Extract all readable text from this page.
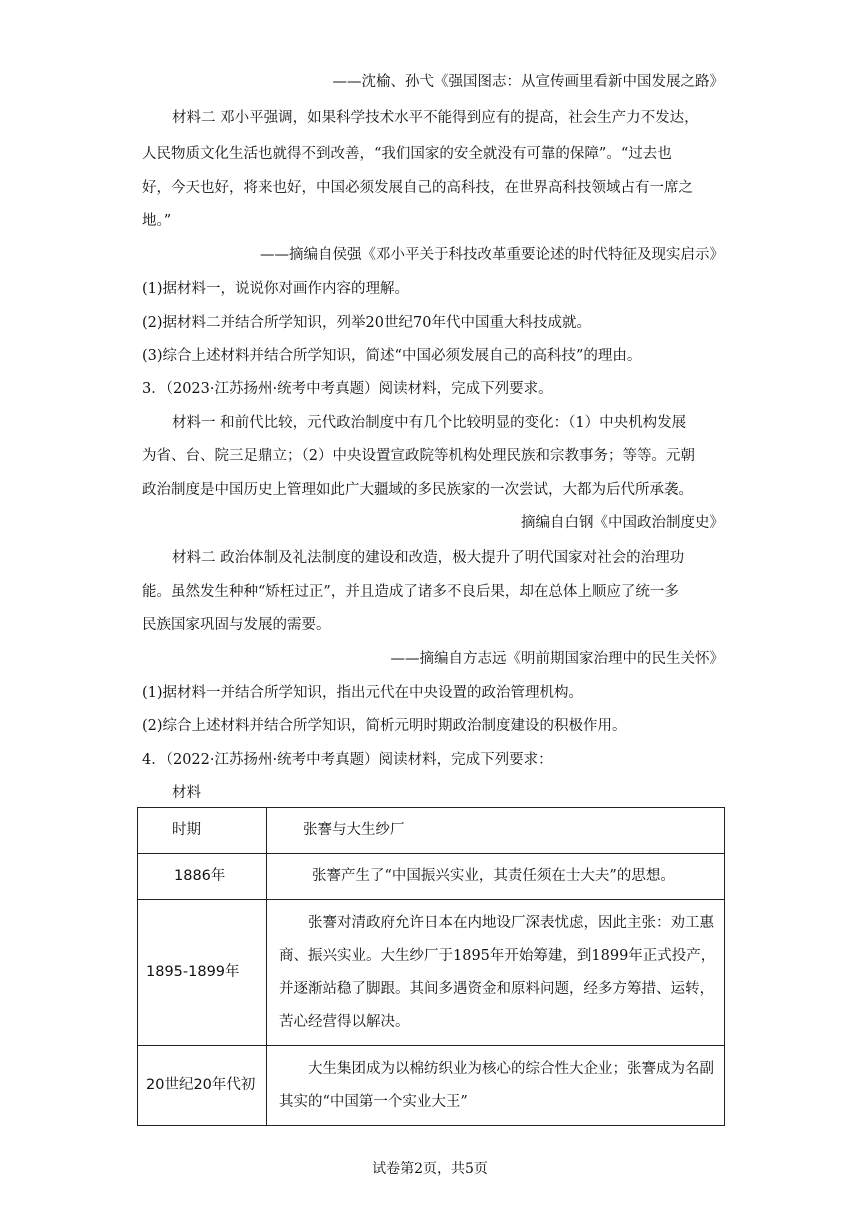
——沈榆、孙弋《强国图志：从宣传画里看新中国发展之路》
材料二 邓小平强调，如果科学技术水平不能得到应有的提高，社会生产力不发达，
人民物质文化生活也就得不到改善，“我们国家的安全就没有可靠的保障”。“过去也
好，今天也好，将来也好，中国必须发展自己的高科技，在世界高科技领域占有一席之
地。”
——摘编自侯强《邓小平关于科技改革重要论述的时代特征及现实启示》
(1)据材料一，说说你对画作内容的理解。
(2)据材料二并结合所学知识，列举20世纪70年代中国重大科技成就。
(3)综合上述材料并结合所学知识，简述“中国必须发展自己的高科技”的理由。
3．（2023·江苏扬州·统考中考真题）阅读材料，完成下列要求。
材料一 和前代比较，元代政治制度中有几个比较明显的变化：（1）中央机构发展
为省、台、院三足鼎立；（2）中央设置宣政院等机构处理民族和宗教事务；等等。元朝
政治制度是中国历史上管理如此广大疆域的多民族家的一次尝试，大都为后代所承袭。
摘编自白钢《中国政治制度史》
材料二 政治体制及礼法制度的建设和改造，极大提升了明代国家对社会的治理功
能。虽然发生种种“矫枉过正”，并且造成了诸多不良后果，却在总体上顺应了统一多
民族国家巩固与发展的需要。
——摘编自方志远《明前期国家治理中的民生关怀》
(1)据材料一并结合所学知识，指出元代在中央设置的政治管理机构。
(2)综合上述材料并结合所学知识，简析元明时期政治制度建设的积极作用。
4．（2022·江苏扬州·统考中考真题）阅读材料，完成下列要求：
材料
时期	张謇与大生纱厂
1886年	张謇产生了“中国振兴实业，其责任须在士大夫”的思想。
1895-1899年	张謇对清政府允许日本在内地设厂深表忧虑，因此主张：劝工惠商、振兴实业。大生纱厂于1895年开始筹建，到1899年正式投产，并逐渐站稳了脚跟。其间多遇资金和原料问题，经多方筹措、运转，苦心经营得以解决。
20世纪20年代初	大生集团成为以棉纺织业为核心的综合性大企业；张謇成为名副其实的“中国第一个实业大王”
试卷第2页，共5页
